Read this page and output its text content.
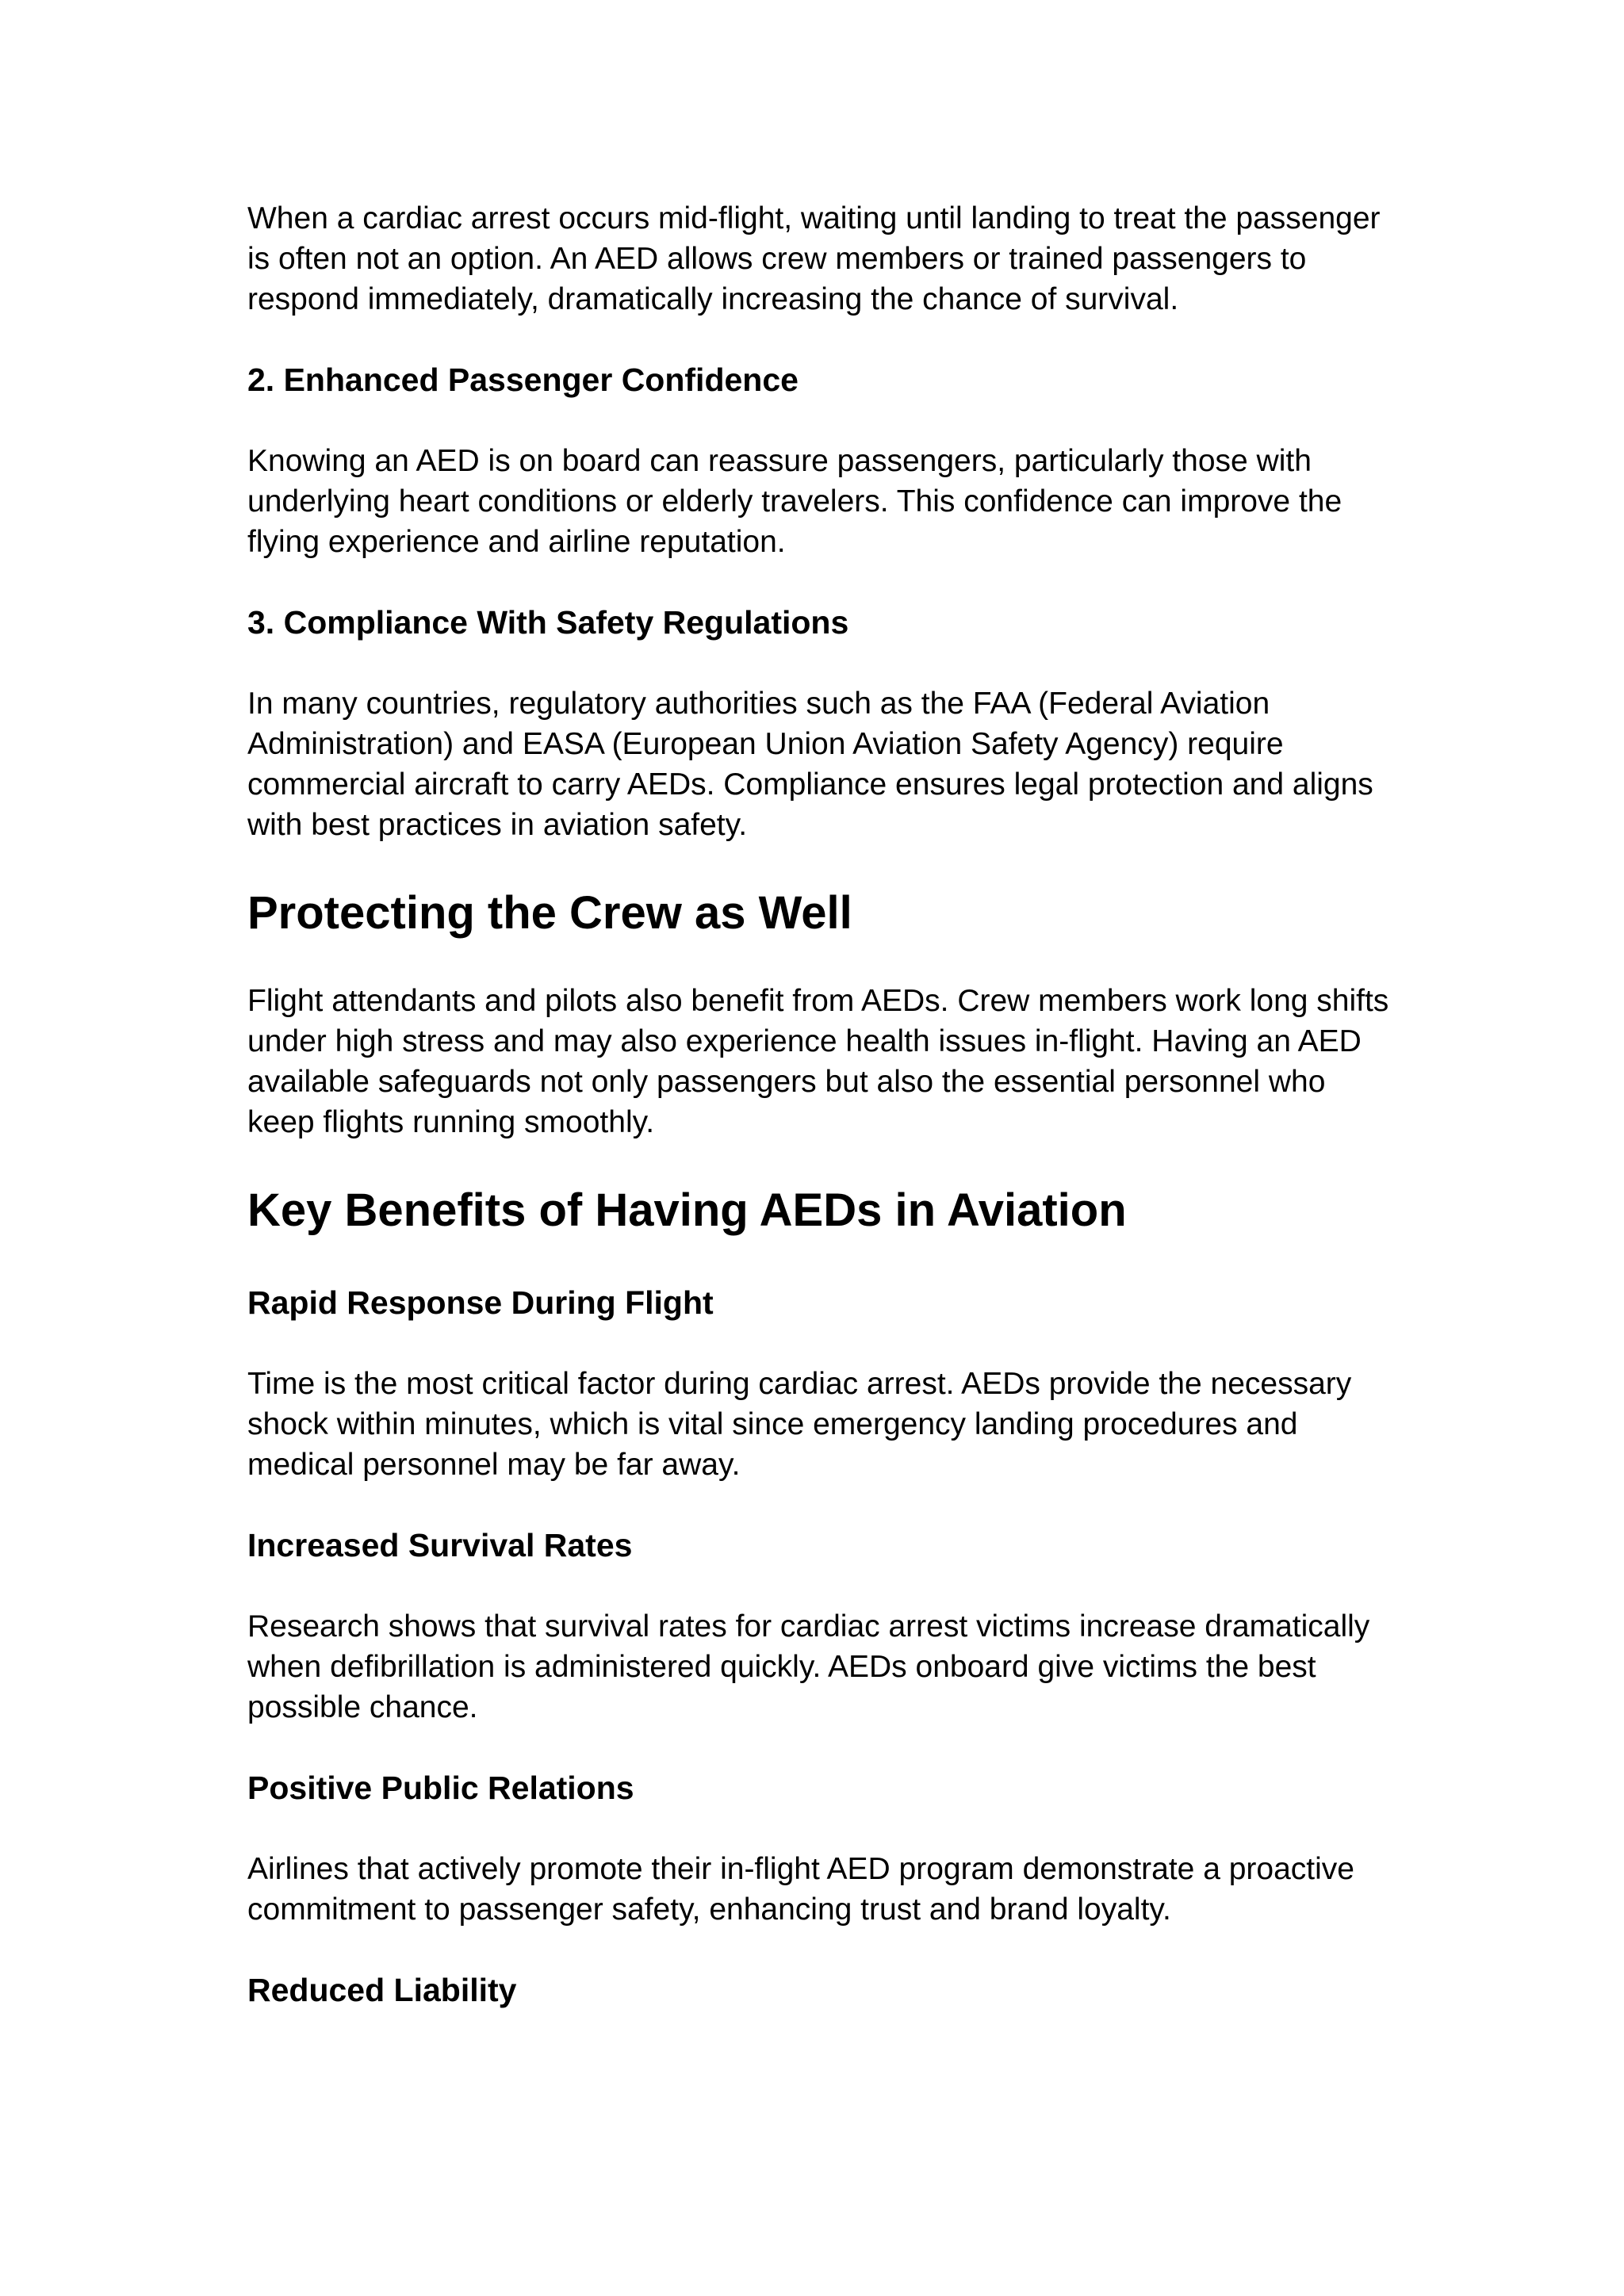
When a cardiac arrest occurs mid-flight, waiting until landing to treat the passenger is often not an option. An AED allows crew members or trained passengers to respond immediately, dramatically increasing the chance of survival.

2. Enhanced Passenger Confidence

Knowing an AED is on board can reassure passengers, particularly those with underlying heart conditions or elderly travelers. This confidence can improve the flying experience and airline reputation.

3. Compliance With Safety Regulations

In many countries, regulatory authorities such as the FAA (Federal Aviation Administration) and EASA (European Union Aviation Safety Agency) require commercial aircraft to carry AEDs. Compliance ensures legal protection and aligns with best practices in aviation safety.

Protecting the Crew as Well

Flight attendants and pilots also benefit from AEDs. Crew members work long shifts under high stress and may also experience health issues in-flight. Having an AED available safeguards not only passengers but also the essential personnel who keep flights running smoothly.

Key Benefits of Having AEDs in Aviation
Rapid Response During Flight

Time is the most critical factor during cardiac arrest. AEDs provide the necessary shock within minutes, which is vital since emergency landing procedures and medical personnel may be far away.

Increased Survival Rates

Research shows that survival rates for cardiac arrest victims increase dramatically when defibrillation is administered quickly. AEDs onboard give victims the best possible chance.

Positive Public Relations

Airlines that actively promote their in-flight AED program demonstrate a proactive commitment to passenger safety, enhancing trust and brand loyalty.

Reduced Liability
